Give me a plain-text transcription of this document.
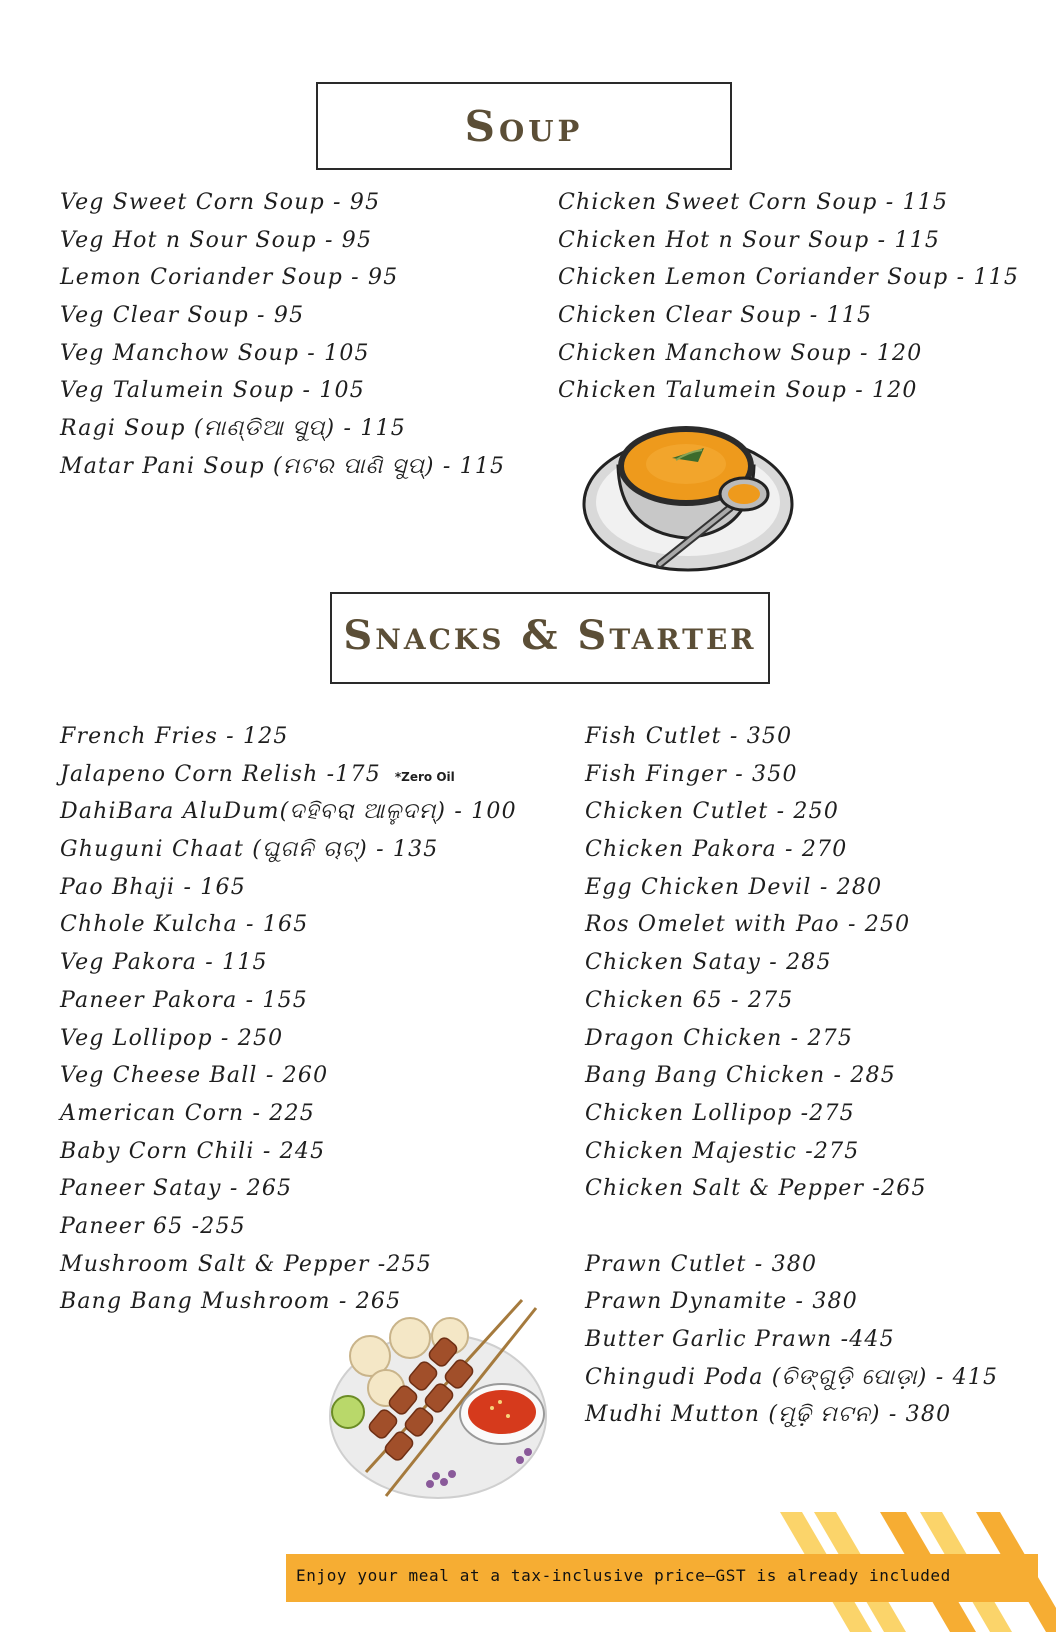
Soup
Veg Sweet Corn Soup - 95
Veg Hot n Sour Soup - 95
Lemon Coriander Soup - 95
Veg Clear Soup - 95
Veg Manchow Soup - 105
Veg Talumein Soup - 105
Ragi Soup (ମାଣ୍ଡିଆ ସୁପ୍) - 115
Matar Pani Soup (ମଟର ପାଣି ସୁପ୍) - 115
Chicken Sweet Corn Soup - 115
Chicken Hot n Sour Soup - 115
Chicken Lemon Coriander Soup - 115
Chicken Clear Soup - 115
Chicken Manchow Soup - 120
Chicken Talumein Soup - 120
Snacks & Starter
French Fries - 125
Jalapeno Corn Relish -175 *Zero Oil
DahiBara AluDum(ଦହିବରା ଆଳୁଦମ୍) - 100
Ghuguni Chaat (ଘୁଗନି ଚାଟ୍) - 135
Pao Bhaji - 165
Chhole Kulcha - 165
Veg Pakora - 115
Paneer Pakora - 155
Veg Lollipop - 250
Veg Cheese Ball - 260
American Corn - 225
Baby Corn Chili - 245
Paneer Satay - 265
Paneer 65 -255
Mushroom Salt & Pepper -255
Bang Bang Mushroom - 265
Fish Cutlet - 350
Fish Finger - 350
Chicken Cutlet - 250
Chicken Pakora - 270
Egg Chicken Devil - 280
Ros Omelet with Pao - 250
Chicken Satay - 285
Chicken 65 - 275
Dragon Chicken - 275
Bang Bang Chicken - 285
Chicken Lollipop -275
Chicken Majestic -275
Chicken Salt & Pepper -265
Prawn Cutlet - 380
Prawn Dynamite - 380
Butter Garlic Prawn -445
Chingudi Poda (ଚିଙ୍ଗୁଡ଼ି ପୋଡ଼ା) - 415
Mudhi Mutton (ମୁଢ଼ି ମଟନ) - 380
Enjoy your meal at a tax-inclusive price—GST is already included
